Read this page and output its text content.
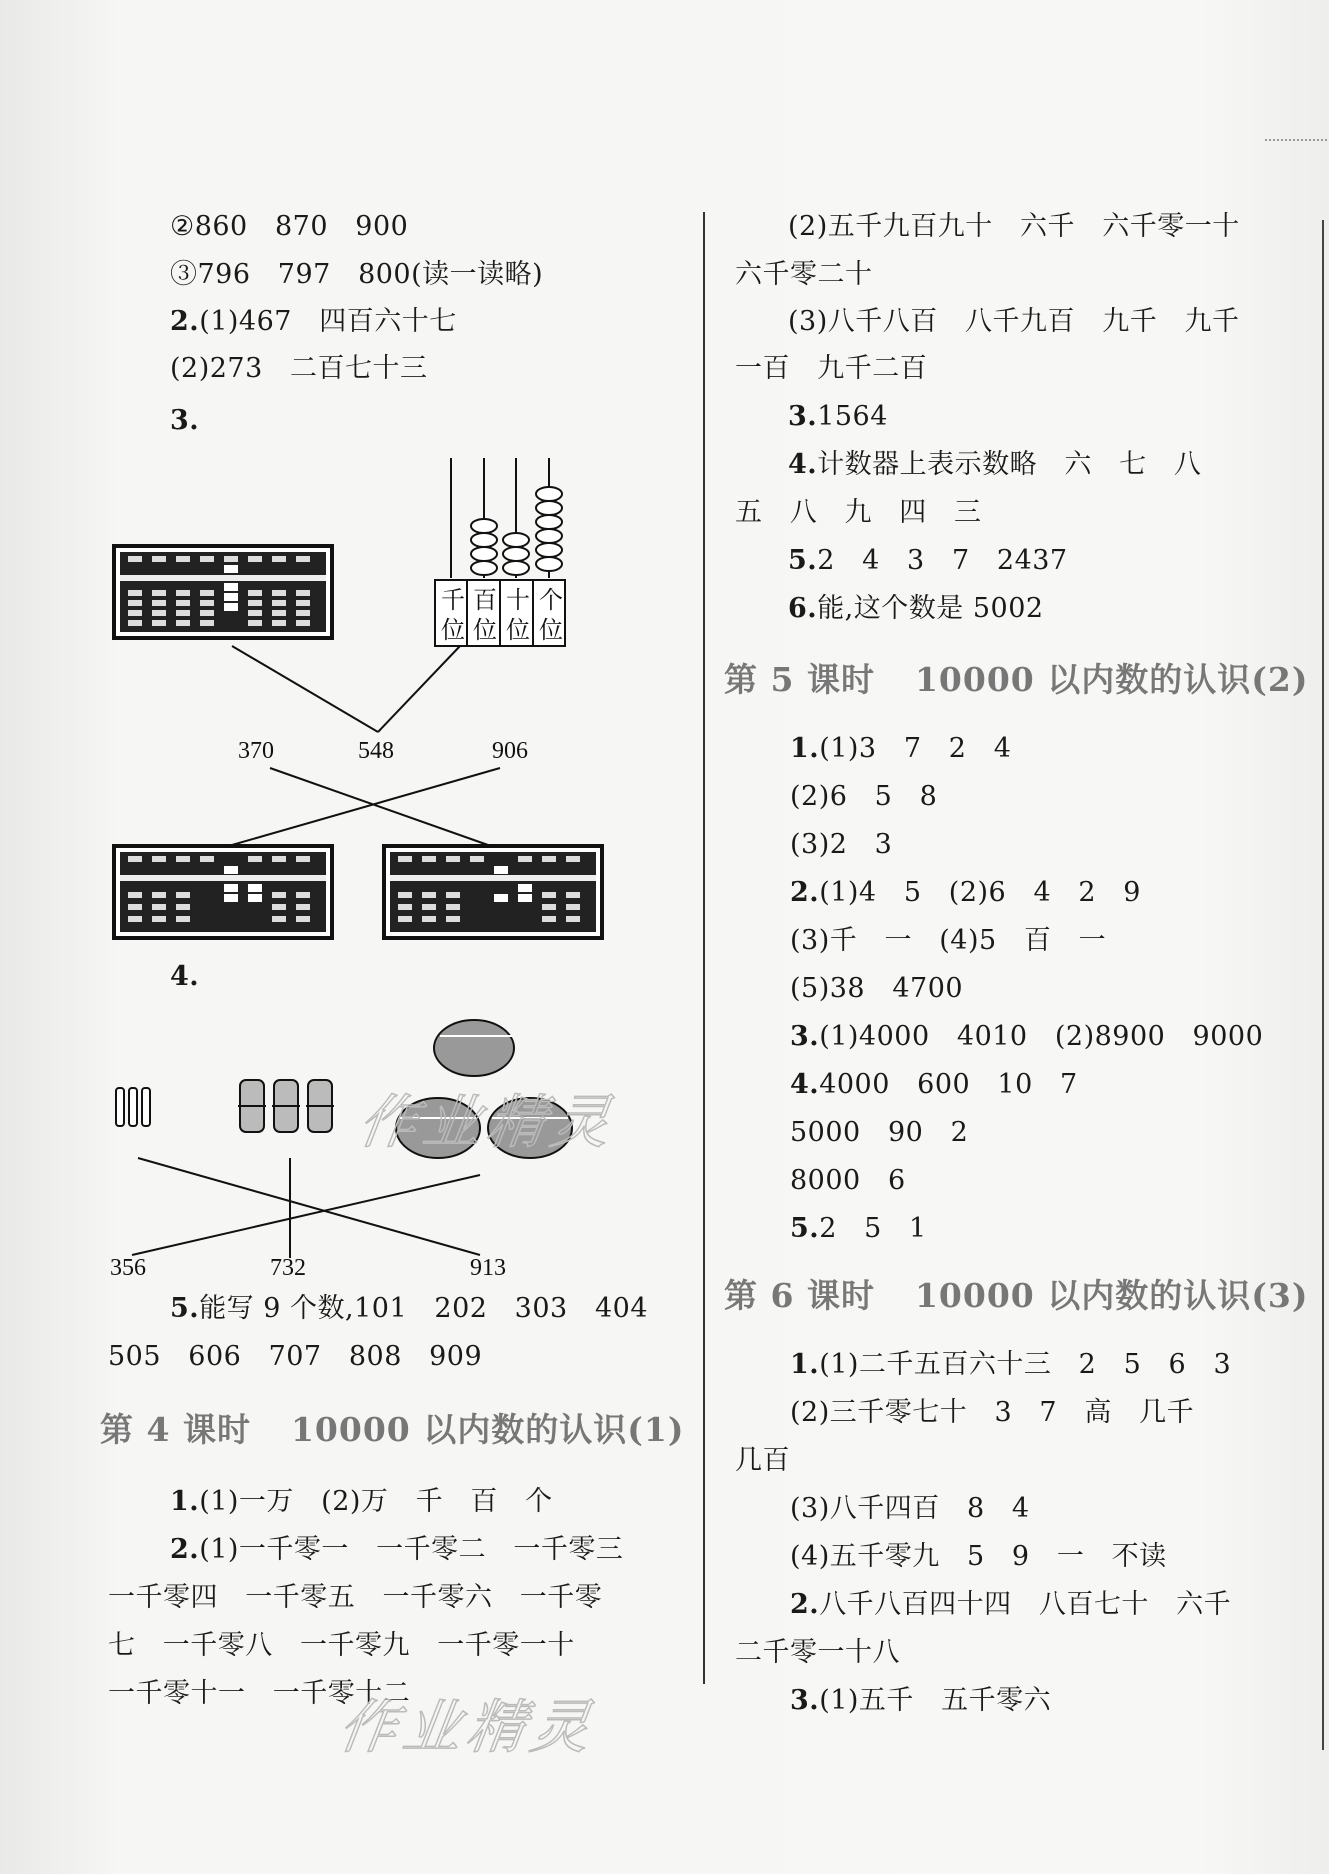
②860   870   900
③796   797   800(读一读略)
2.(1)467   四百六十七
(2)273   二百七十三
3.
千
位
百
位
十
位
个
位
370	548	906
4.
356	732	913
作业精灵
5.能写 9 个数,101   202   303   404
505   606   707   808   909
第 4 课时 10000 以内数的认识(1)
1.(1)一万   (2)万   千   百   个
2.(1)一千零一   一千零二   一千零三
一千零四   一千零五   一千零六   一千零
七   一千零八   一千零九   一千零一十
一千零十一   一千零十二
作业精灵
(2)五千九百九十   六千   六千零一十
六千零二十
(3)八千八百   八千九百   九千   九千
一百   九千二百
3.1564
4.计数器上表示数略   六   七   八
五   八   九   四   三
5.2   4   3   7   2437
6.能,这个数是 5002
第 5 课时 10000 以内数的认识(2)
1.(1)3   7   2   4
(2)6   5   8
(3)2   3
2.(1)4   5   (2)6   4   2   9
(3)千   一   (4)5   百   一
(5)38   4700
3.(1)4000   4010   (2)8900   9000
4.4000   600   10   7
5000   90   2
8000   6
5.2   5   1
第 6 课时 10000 以内数的认识(3)
1.(1)二千五百六十三   2   5   6   3
(2)三千零七十   3   7   高   几千
几百
(3)八千四百   8   4
(4)五千零九   5   9   一   不读
2.八千八百四十四   八百七十   六千
二千零一十八
3.(1)五千   五千零六
